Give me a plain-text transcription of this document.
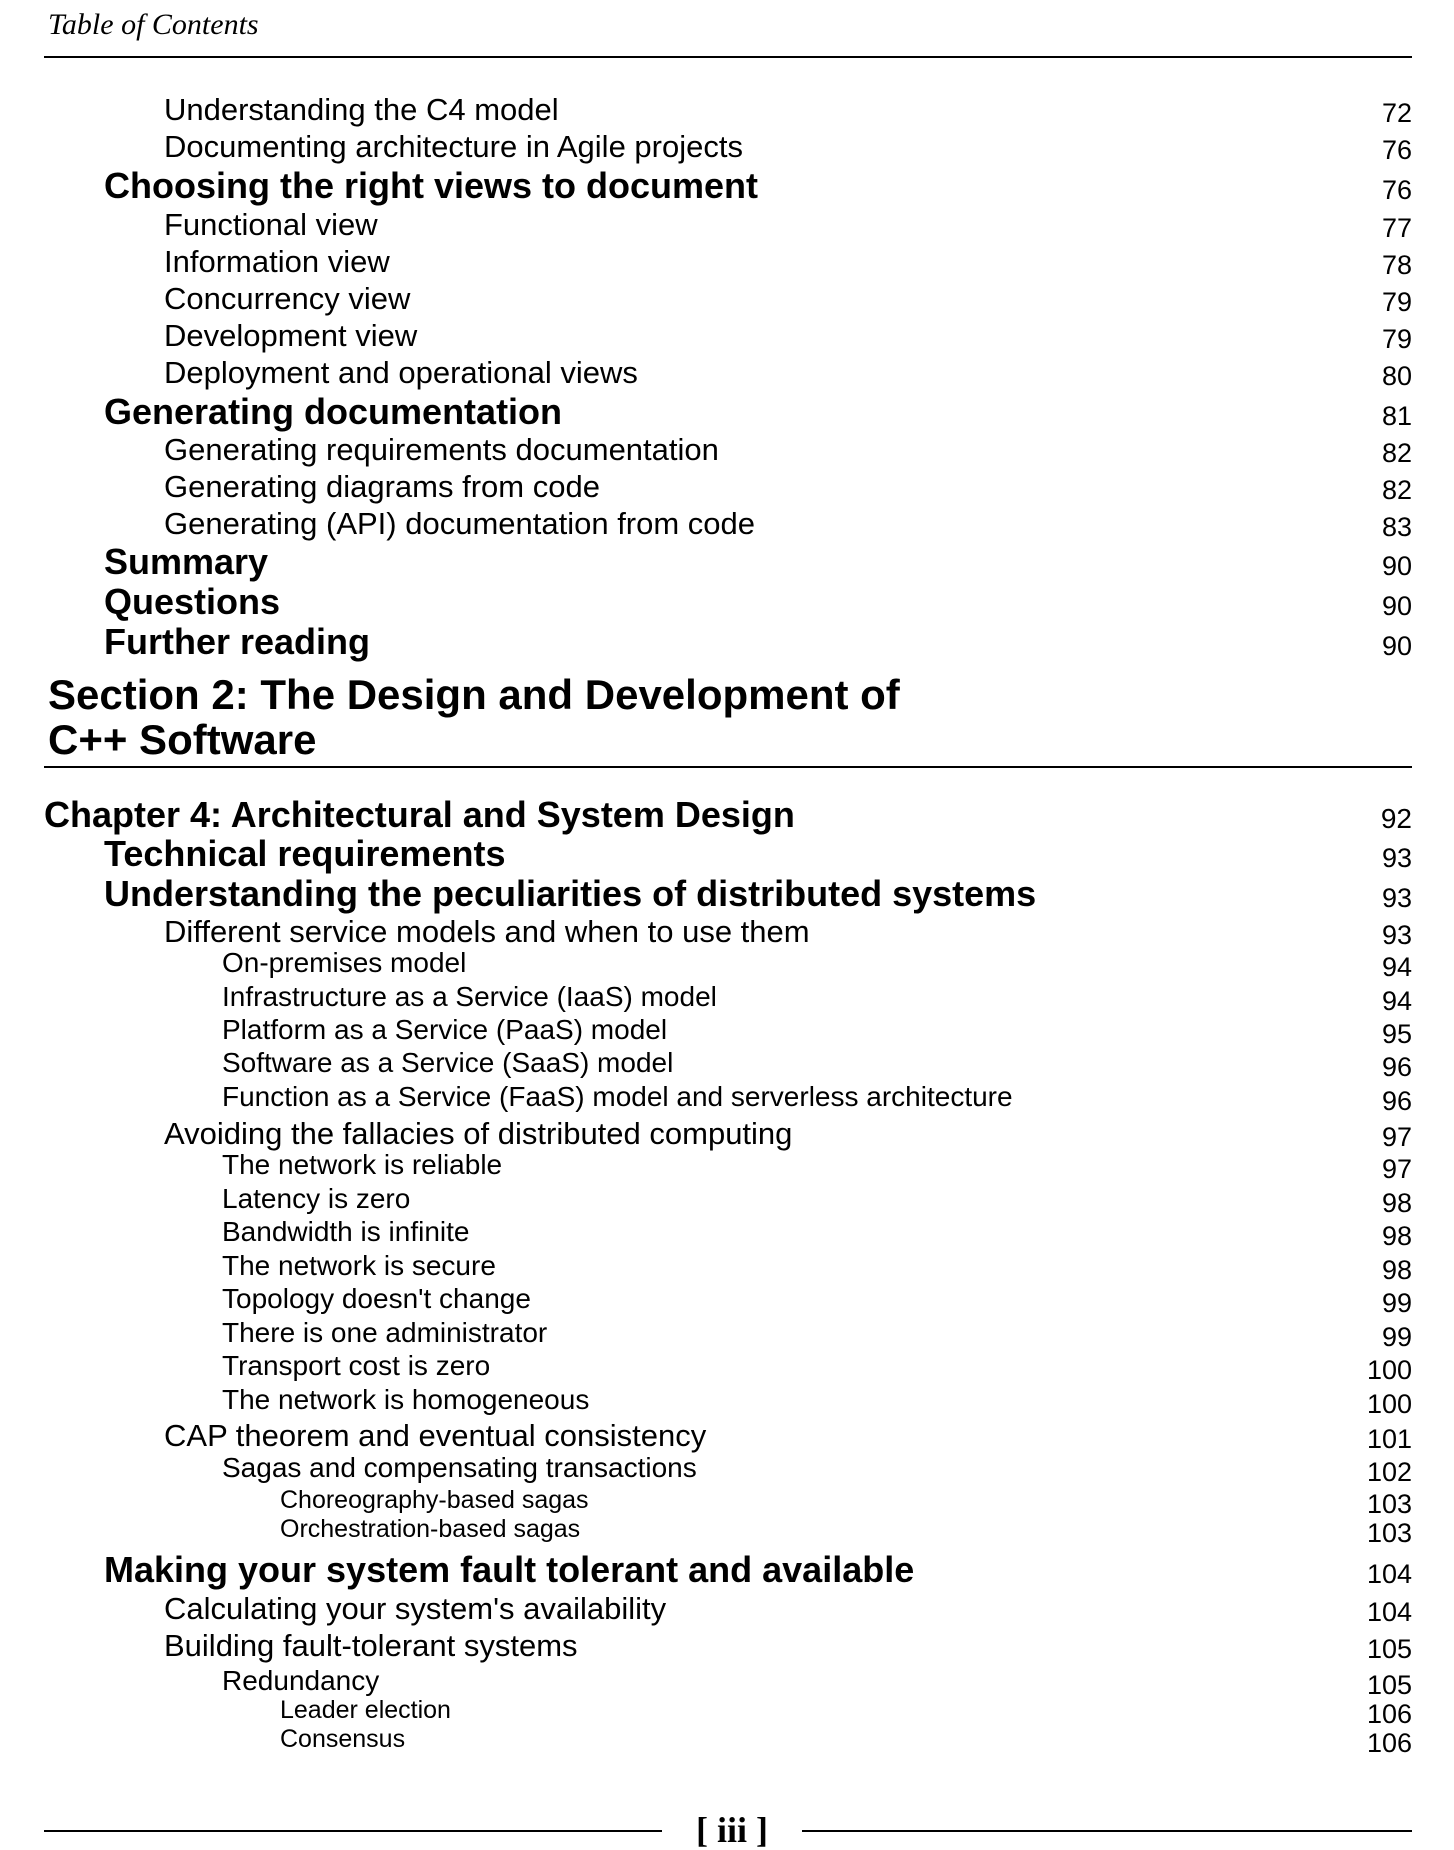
Table of Contents
Understanding the C4 model	72
Documenting architecture in Agile projects	76
Choosing the right views to document	76
Functional view	77
Information view	78
Concurrency view	79
Development view	79
Deployment and operational views	80
Generating documentation	81
Generating requirements documentation	82
Generating diagrams from code	82
Generating (API) documentation from code	83
Summary	90
Questions	90
Further reading	90
Section 2: The Design and Development of
C++ Software
Chapter 4: Architectural and System Design	92
Technical requirements	93
Understanding the peculiarities of distributed systems	93
Different service models and when to use them	93
On-premises model	94
Infrastructure as a Service (IaaS) model	94
Platform as a Service (PaaS) model	95
Software as a Service (SaaS) model	96
Function as a Service (FaaS) model and serverless architecture	96
Avoiding the fallacies of distributed computing	97
The network is reliable	97
Latency is zero	98
Bandwidth is infinite	98
The network is secure	98
Topology doesn't change	99
There is one administrator	99
Transport cost is zero	100
The network is homogeneous	100
CAP theorem and eventual consistency	101
Sagas and compensating transactions	102
Choreography-based sagas	103
Orchestration-based sagas	103
Making your system fault tolerant and available	104
Calculating your system's availability	104
Building fault-tolerant systems	105
Redundancy	105
Leader election	106
Consensus	106
[ iii ]
